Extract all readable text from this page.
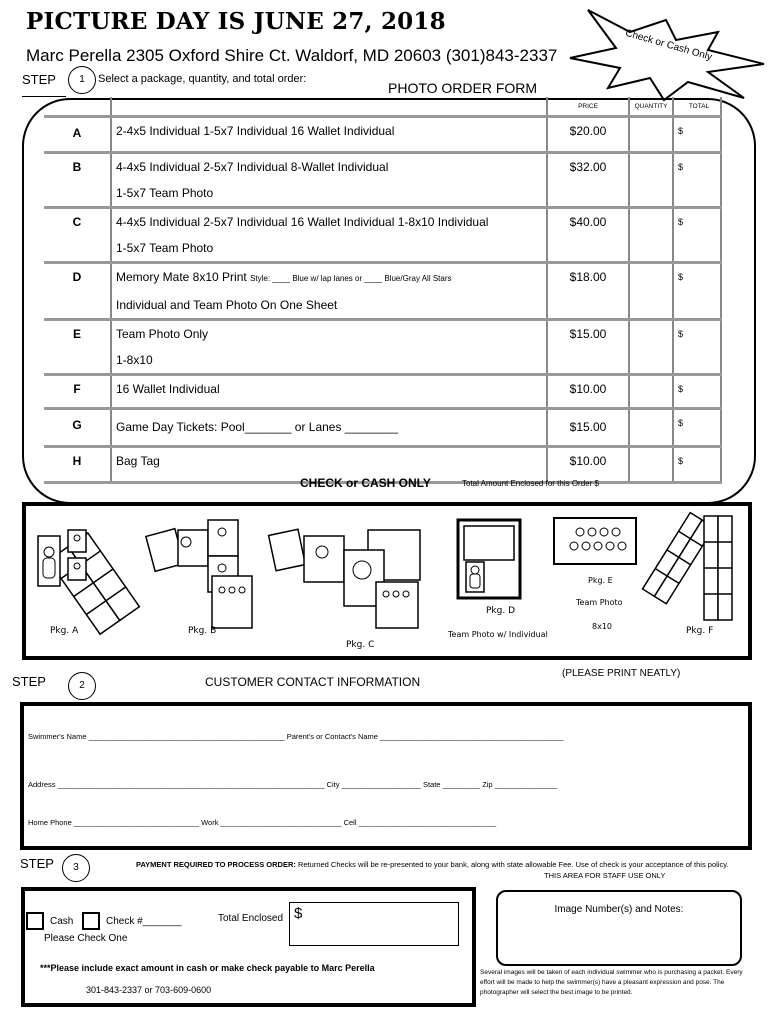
PICTURE DAY IS JUNE 27, 2018
Marc Perella 2305 Oxford Shire Ct. Waldorf, MD 20603 (301)843-2337	Check or Cash Only
STEP	1	Select a package, quantity, and total order:
PHOTO ORDER FORM
		PRICE	QUANTITY	TOTAL
A	2-4x5 Individual 1-5x7 Individual 16 Wallet Individual	$20.00		$

B	4-4x5 Individual 2-5x7 Individual 8-Wallet Individual
1-5x7 Team Photo	$32.00		$

C	4-4x5 Individual 2-5x7 Individual 16 Wallet Individual 1-8x10 Individual
1-5x7 Team Photo	$40.00		$

D	Memory Mate 8x10 Print Style: ____ Blue w/ lap lanes or ____ Blue/Gray All Stars
Individual and Team Photo On One Sheet	$18.00		$

E	Team Photo Only
1-8x10	$15.00		$

F	16 Wallet Individual	$10.00		$

G	Game Day Tickets: Pool_______ or Lanes ________	$15.00		$

H	Bag Tag	$10.00		$
CHECK or CASH ONLY	Total Amount Enclosed for this Order $
Pkg. A	Pkg. B
Pkg. C
Pkg. D
Team Photo w/ Individual
Pkg. E
Team Photo
8x10	Pkg. F
STEP	2	CUSTOMER CONTACT INFORMATION
(PLEASE PRINT NEATLY)
Swimmer's Name _______________________________________________ Parent's or Contact's Name ____________________________________________
Address ________________________________________________________________ City ___________________ State _________ Zip _______________
Home Phone ______________________________ Work _____________________________ Cell _________________________________
STEP	3	PAYMENT REQUIRED TO PROCESS ORDER: Returned Checks will be re-presented to your bank, along with state allowable Fee. Use of check is your acceptance of this policy.
THIS AREA FOR STAFF USE ONLY
Cash	Check #_______
Please Check One
Total Enclosed $
***Please include exact amount in cash or make check payable to Marc Perella
301-843-2337 or 703-609-0600
Image Number(s) and Notes:
Several images will be taken of each individual swimmer who is purchasing a packet. Every effort will be made to help the swimmer(s) have a pleasant expression and pose. The photographer will select the best image to be printed.
